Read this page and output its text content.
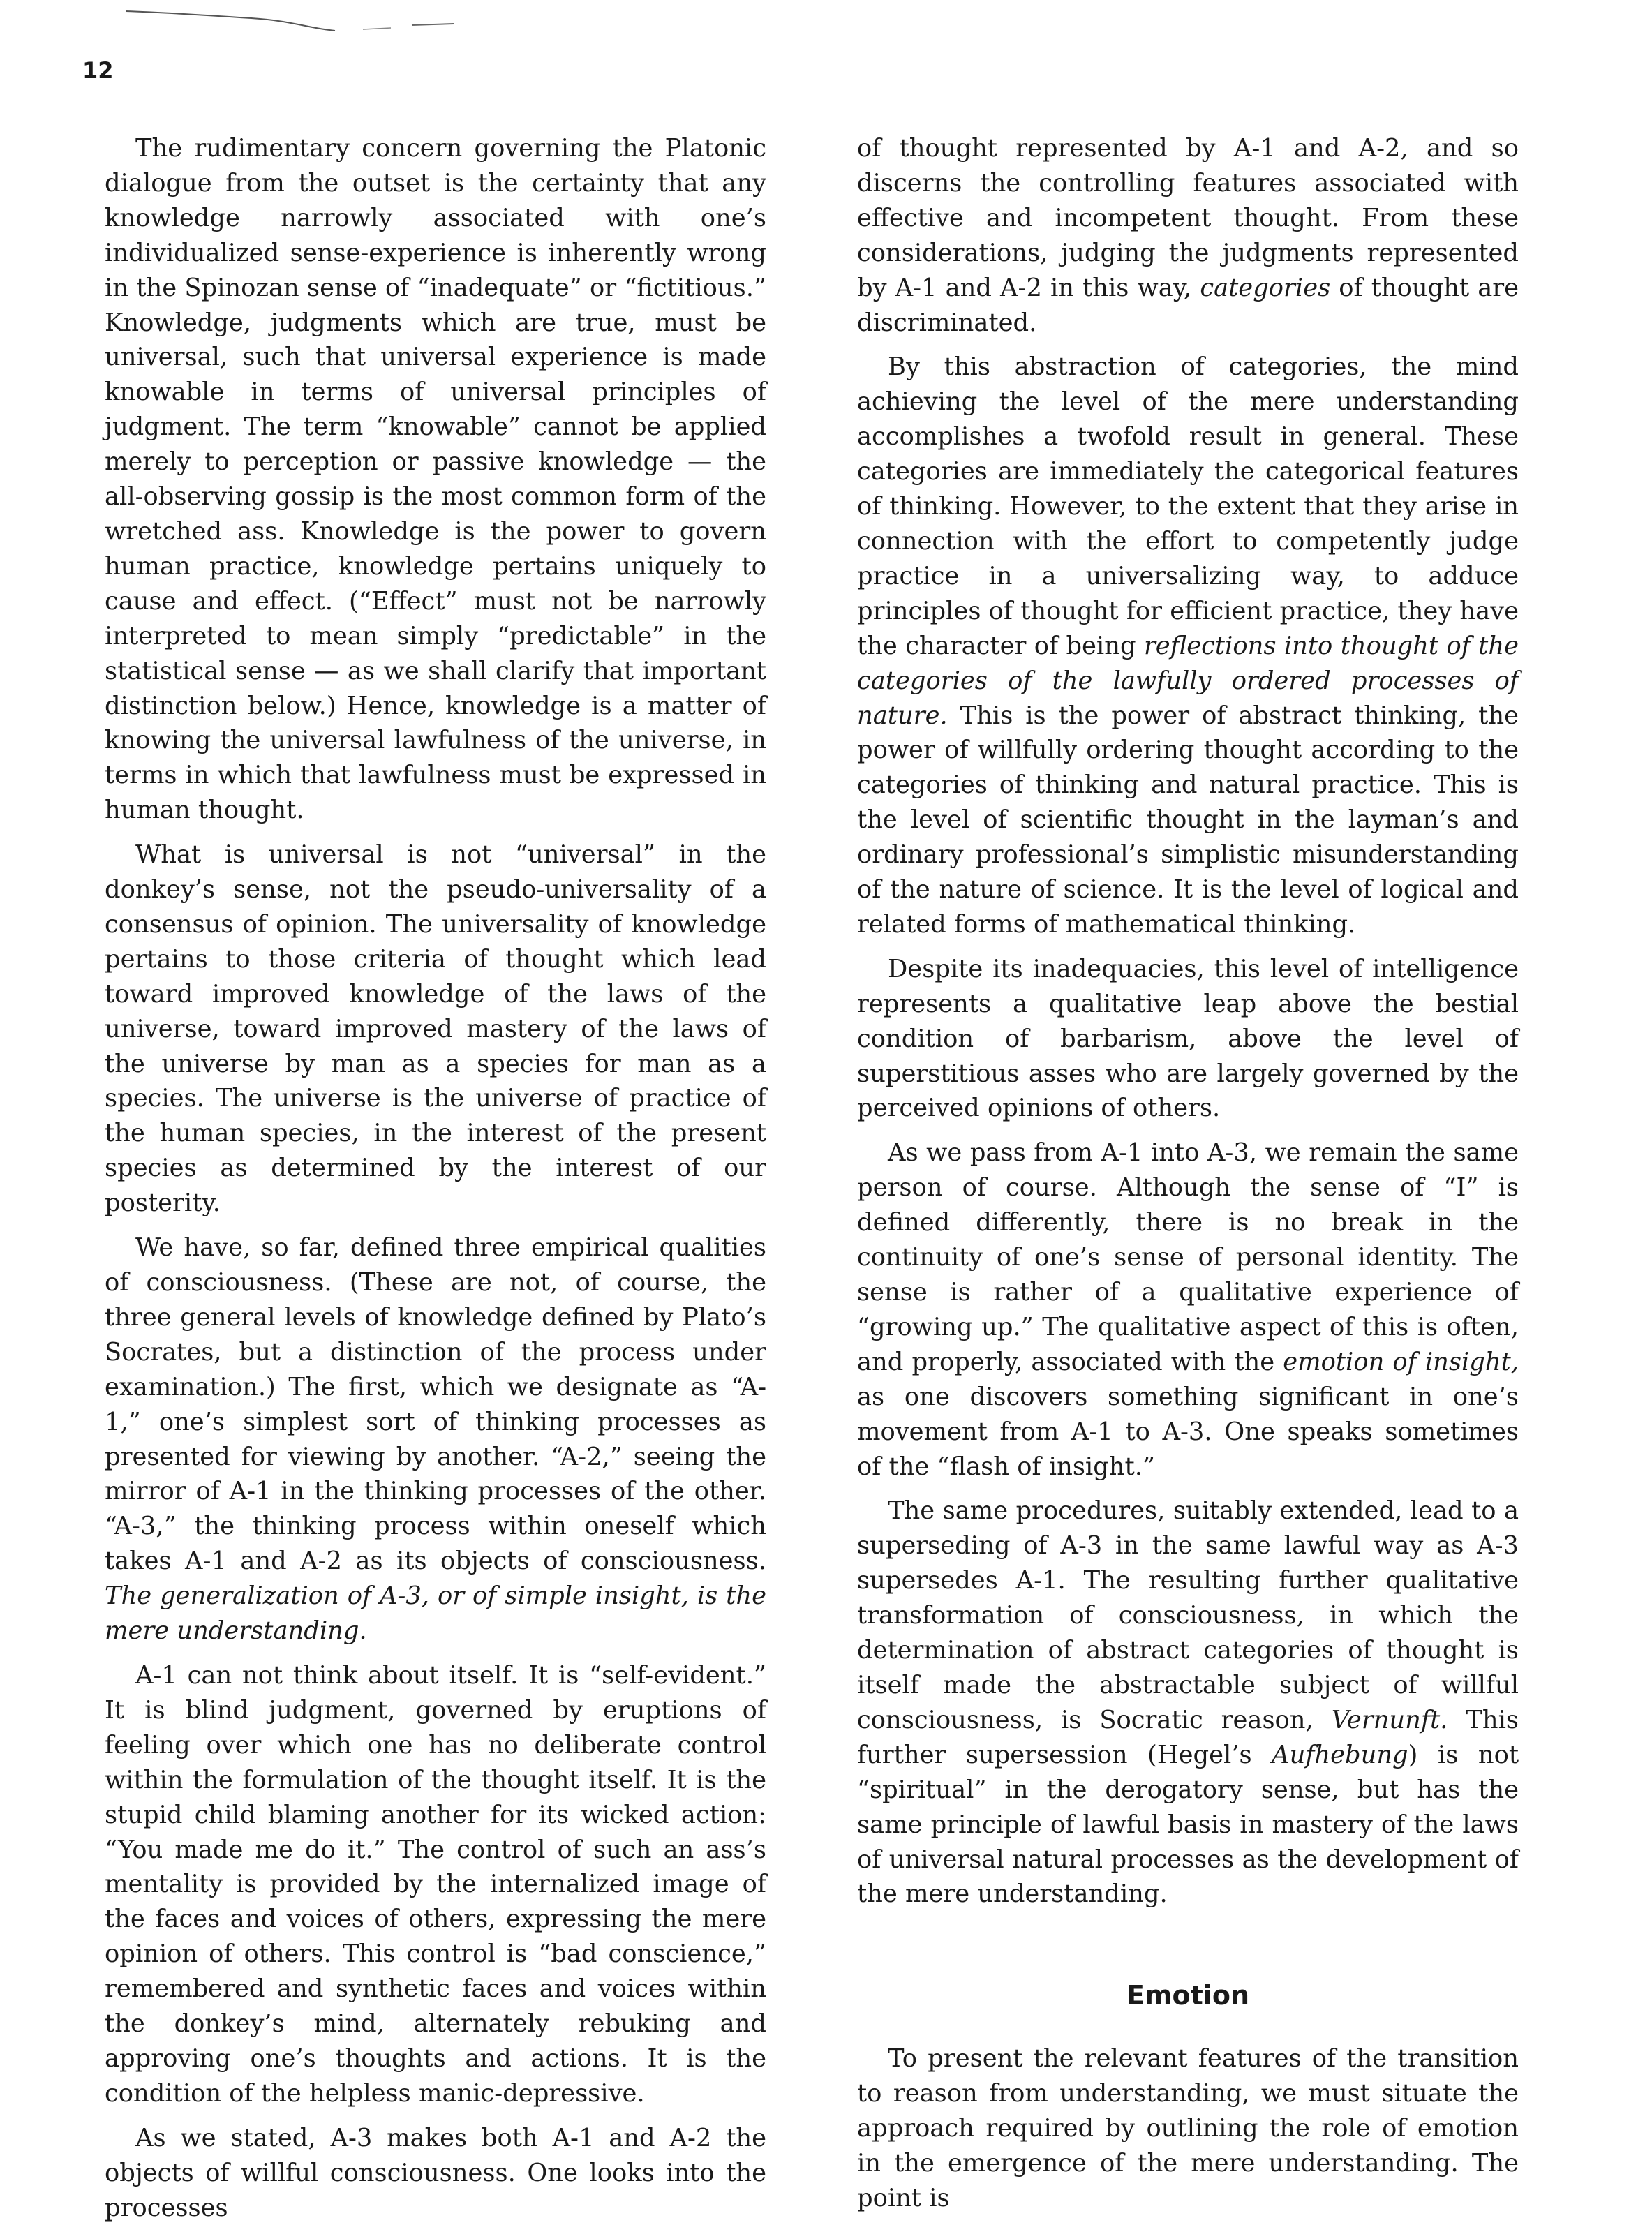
12

The rudimentary concern governing the Platonic dialogue from the outset is the certainty that any knowledge narrowly associated with one’s individualized sense-experience is inherently wrong in the Spinozan sense of “inadequate” or “fictitious.” Knowledge, judgments which are true, must be universal, such that universal experience is made knowable in terms of universal principles of judgment. The term “knowable” cannot be applied merely to perception or passive knowledge — the all-observing gossip is the most common form of the wretched ass. Knowledge is the power to govern human practice, knowledge pertains uniquely to cause and effect. (“Effect” must not be narrowly interpreted to mean simply “predictable” in the statistical sense — as we shall clarify that important distinction below.) Hence, knowledge is a matter of knowing the universal lawfulness of the universe, in terms in which that lawfulness must be expressed in human thought.

What is universal is not “universal” in the donkey’s sense, not the pseudo-universality of a consensus of opinion. The universality of knowledge pertains to those criteria of thought which lead toward improved knowledge of the laws of the universe, toward improved mastery of the laws of the universe by man as a species for man as a species. The universe is the universe of practice of the human species, in the interest of the present species as determined by the interest of our posterity.

We have, so far, defined three empirical qualities of consciousness. (These are not, of course, the three general levels of knowledge defined by Plato’s Socrates, but a distinction of the process under examination.) The first, which we designate as “A-1,” one’s simplest sort of thinking processes as presented for viewing by another. “A-2,” seeing the mirror of A-1 in the thinking processes of the other. “A-3,” the thinking process within oneself which takes A-1 and A-2 as its objects of consciousness. The generalization of A-3, or of simple insight, is the mere understanding.

A-1 can not think about itself. It is “self-evident.” It is blind judgment, governed by eruptions of feeling over which one has no deliberate control within the formulation of the thought itself. It is the stupid child blaming another for its wicked action: “You made me do it.” The control of such an ass’s mentality is provided by the internalized image of the faces and voices of others, expressing the mere opinion of others. This control is “bad conscience,” remembered and synthetic faces and voices within the donkey’s mind, alternately rebuking and approving one’s thoughts and actions. It is the condition of the helpless manic-depressive.

As we stated, A-3 makes both A-1 and A-2 the objects of willful consciousness. One looks into the processes

of thought represented by A-1 and A-2, and so discerns the controlling features associated with effective and incompetent thought. From these considerations, judging the judgments represented by A-1 and A-2 in this way, categories of thought are discriminated.

By this abstraction of categories, the mind achieving the level of the mere understanding accomplishes a twofold result in general. These categories are immediately the categorical features of thinking. However, to the extent that they arise in connection with the effort to competently judge practice in a universalizing way, to adduce principles of thought for efficient practice, they have the character of being reflections into thought of the categories of the lawfully ordered processes of nature. This is the power of abstract thinking, the power of willfully ordering thought according to the categories of thinking and natural practice. This is the level of scientific thought in the layman’s and ordinary professional’s simplistic misunderstanding of the nature of science. It is the level of logical and related forms of mathematical thinking.

Despite its inadequacies, this level of intelligence represents a qualitative leap above the bestial condition of barbarism, above the level of superstitious asses who are largely governed by the perceived opinions of others.

As we pass from A-1 into A-3, we remain the same person of course. Although the sense of “I” is defined differently, there is no break in the continuity of one’s sense of personal identity. The sense is rather of a qualitative experience of “growing up.” The qualitative aspect of this is often, and properly, associated with the emotion of insight, as one discovers something significant in one’s movement from A-1 to A-3. One speaks sometimes of the “flash of insight.”

The same procedures, suitably extended, lead to a superseding of A-3 in the same lawful way as A-3 supersedes A-1. The resulting further qualitative transformation of consciousness, in which the determination of abstract categories of thought is itself made the abstractable subject of willful consciousness, is Socratic reason, Vernunft. This further supersession (Hegel’s Aufhebung) is not “spiritual” in the derogatory sense, but has the same principle of lawful basis in mastery of the laws of universal natural processes as the development of the mere understanding.

Emotion

To present the relevant features of the transition to reason from understanding, we must situate the approach required by outlining the role of emotion in the emergence of the mere understanding. The point is
